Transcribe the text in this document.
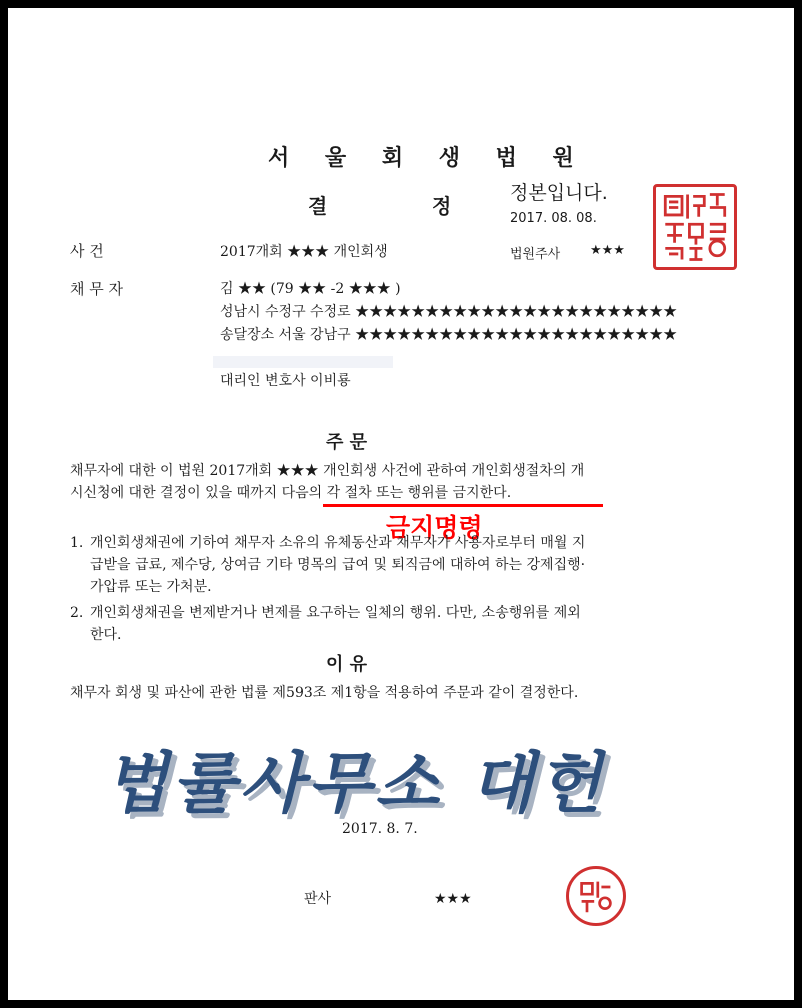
서 울 회 생 법 원
결	정
정본입니다.
2017. 08. 08.
법원주사 ★★★
사 건	2017개회 ★★★ 개인회생
채 무 자	김 ★★ (79 ★★ -2 ★★★ )
성남시 수정구 수정로 ★★★★★★★★★★★★★★★★★★★★★★★
송달장소 서울 강남구 ★★★★★★★★★★★★★★★★★★★★★★★
대리인 변호사 이비룡
주 문
채무자에 대한 이 법원 2017개회 ★★★ 개인회생 사건에 관하여 개인회생절차의 개
시신청에 대한 결정이 있을 때까지 다음의 각 절차 또는 행위를 금지한다.
금지명령
1. 개인회생채권에 기하여 채무자 소유의 유체동산과 채무자가 사용자로부터 매월 지
급받을 급료, 제수당, 상여금 기타 명목의 급여 및 퇴직금에 대하여 하는 강제집행·
가압류 또는 가처분.
2. 개인회생채권을 변제받거나 변제를 요구하는 일체의 행위. 다만, 소송행위를 제외
한다.
이 유
채무자 회생 및 파산에 관한 법률 제593조 제1항을 적용하여 주문과 같이 결정한다.
법률사무소 대헌
2017. 8. 7.
판사	★★★
